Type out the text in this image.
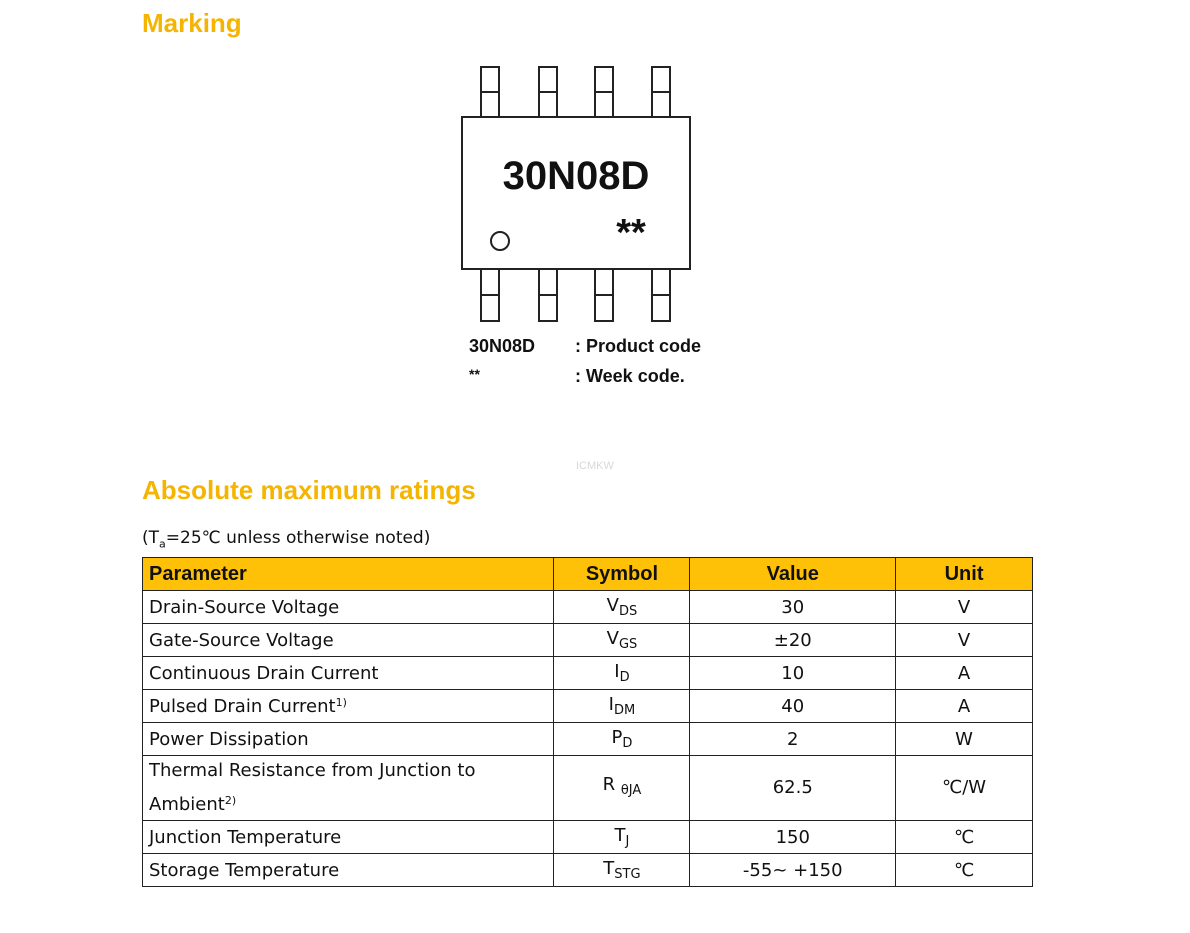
Marking
30N08D
**
30N08D : Product code
**	: Week code.
ICMKW
Absolute maximum ratings
($T_a=25℃$ unless otherwise noted)
Parameter	Symbol	Value	Unit
Drain-Source Voltage	$V_{DS}$	30	V
Gate-Source Voltage	$V_{GS}$	±20	V
Continuous Drain Current	$I_D$	10	A
Pulsed Drain Current$^{1)}$	$I_{DM}$	40	A
Power Dissipation	$P_D$	2	W
Thermal Resistance from Junction to Ambient$^{2)}$	R $_{\theta JA}$	62.5	℃/W
Junction Temperature	$T_J$	150	℃
Storage Temperature	$T_{STG}$	-55~ +150	℃
